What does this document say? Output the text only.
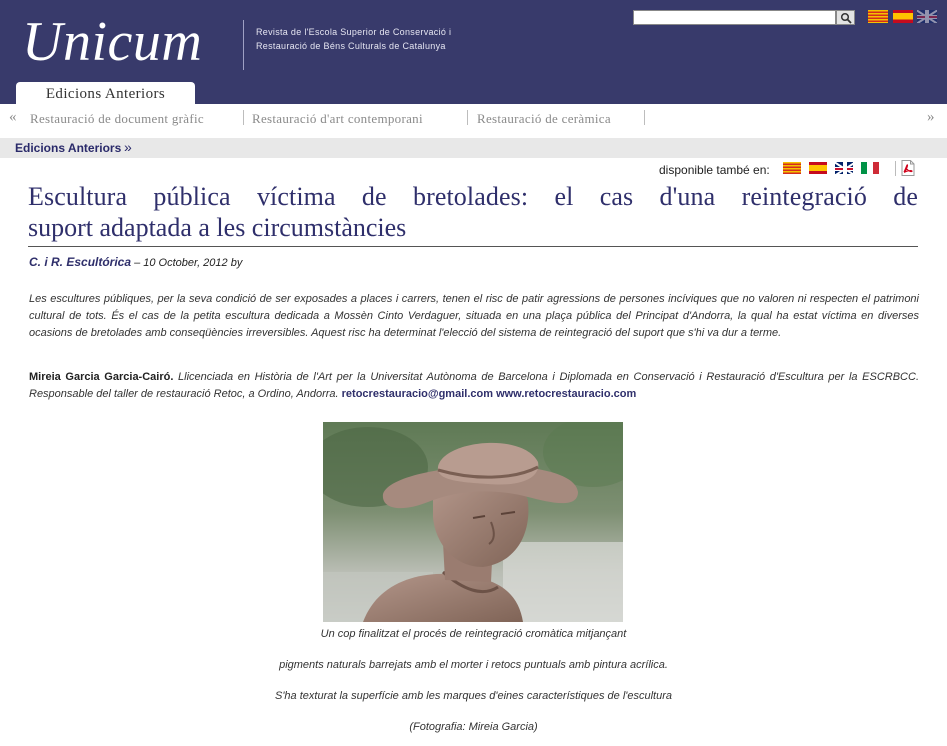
Unicum	Revista de l'Escola Superior de Conservació i Restauració de Béns Culturals de Catalunya
Edicions Anteriors
« Restauració de document gràfic	Restauració d'art contemporani	Restauració de ceràmica	»
Edicions Anteriors »
disponible també en:
Escultura pública víctima de bretolades: el cas d'una reintegració de
suport adaptada a les circumstàncies
C. i R. Escultórica – 10 October, 2012 by

Les escultures públiques, per la seva condició de ser exposades a places i carrers, tenen el risc de patir agressions de persones incíviques que no valoren ni respecten el patrimoni cultural de tots. És el cas de la petita escultura dedicada a Mossèn Cinto Verdaguer, situada en una plaça pública del Principat d'Andorra, la qual ha estat víctima en diverses ocasions de bretolades amb conseqüències irreversibles. Aquest risc ha determinat l'elecció del sistema de reintegració del suport que s'hi va dur a terme.

Mireia Garcia Garcia-Cairó. Llicenciada en Història de l'Art per la Universitat Autònoma de Barcelona i Diplomada en Conservació i Restauració d'Escultura per la ESCRBCC. Responsable del taller de restauració Retoc, a Ordino, Andorra. retocrestauracio@gmail.com www.retocrestauracio.com

Un cop finalitzat el procés de reintegració cromàtica mitjançant

pigments naturals barrejats amb el morter i retocs puntuals amb pintura acrílica.

S'ha texturat la superfície amb les marques d'eines característiques de l'escultura

(Fotografia: Mireia Garcia)
